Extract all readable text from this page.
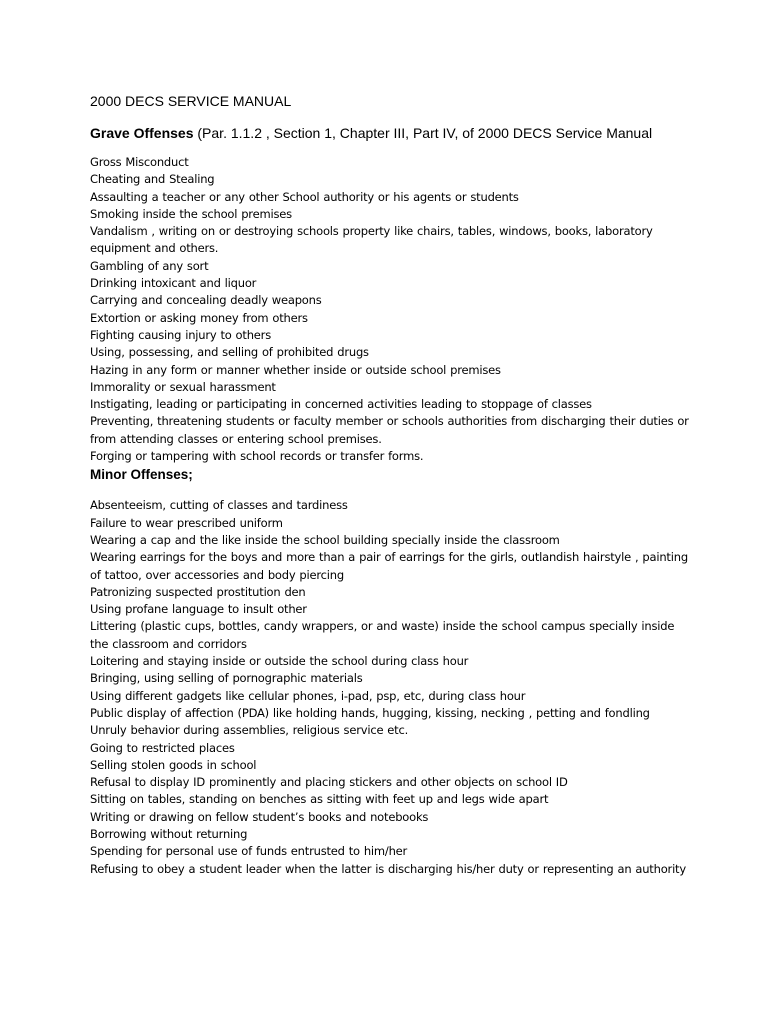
2000 DECS SERVICE MANUAL
Grave Offenses (Par. 1.1.2 , Section 1, Chapter III, Part IV, of 2000 DECS Service Manual
Gross Misconduct
Cheating and Stealing
Assaulting a teacher or any other School authority or his agents or students
Smoking inside the school premises
Vandalism , writing on or destroying schools property like chairs, tables, windows, books, laboratory equipment and others.
Gambling of any sort
Drinking intoxicant and liquor
Carrying and concealing deadly weapons
Extortion or asking money from others
Fighting causing injury to others
Using, possessing, and selling of prohibited drugs
Hazing in any form or manner whether inside or outside school premises
Immorality or sexual harassment
Instigating, leading or participating in concerned activities leading to stoppage of classes
Preventing, threatening students or faculty member or schools authorities from discharging their duties or from attending classes or entering school premises.
Forging or tampering with school records or transfer forms.
Minor Offenses;
Absenteeism, cutting of classes and tardiness
Failure to wear prescribed uniform
Wearing a cap and the like inside the school building specially inside the classroom
Wearing earrings for the boys and more than a pair of earrings for the girls, outlandish hairstyle , painting of tattoo, over accessories and body piercing
Patronizing suspected prostitution den
Using profane language to insult other
Littering (plastic cups, bottles, candy wrappers, or and waste) inside the school campus specially inside the classroom and corridors
Loitering and staying inside or outside the school during class hour
Bringing, using selling of pornographic materials
Using different gadgets like cellular phones, i-pad, psp, etc, during class hour
Public display of affection (PDA) like holding hands, hugging, kissing, necking , petting and fondling
Unruly behavior during assemblies, religious service etc.
Going to restricted places
Selling stolen goods in school
Refusal to display ID prominently and placing stickers and other objects on school ID
Sitting on tables, standing on benches as sitting with feet up and legs wide apart
Writing or drawing on fellow student’s books and notebooks
Borrowing without returning
Spending for personal use of funds entrusted to him/her
Refusing to obey a student leader when the latter is discharging his/her duty or representing an authority
